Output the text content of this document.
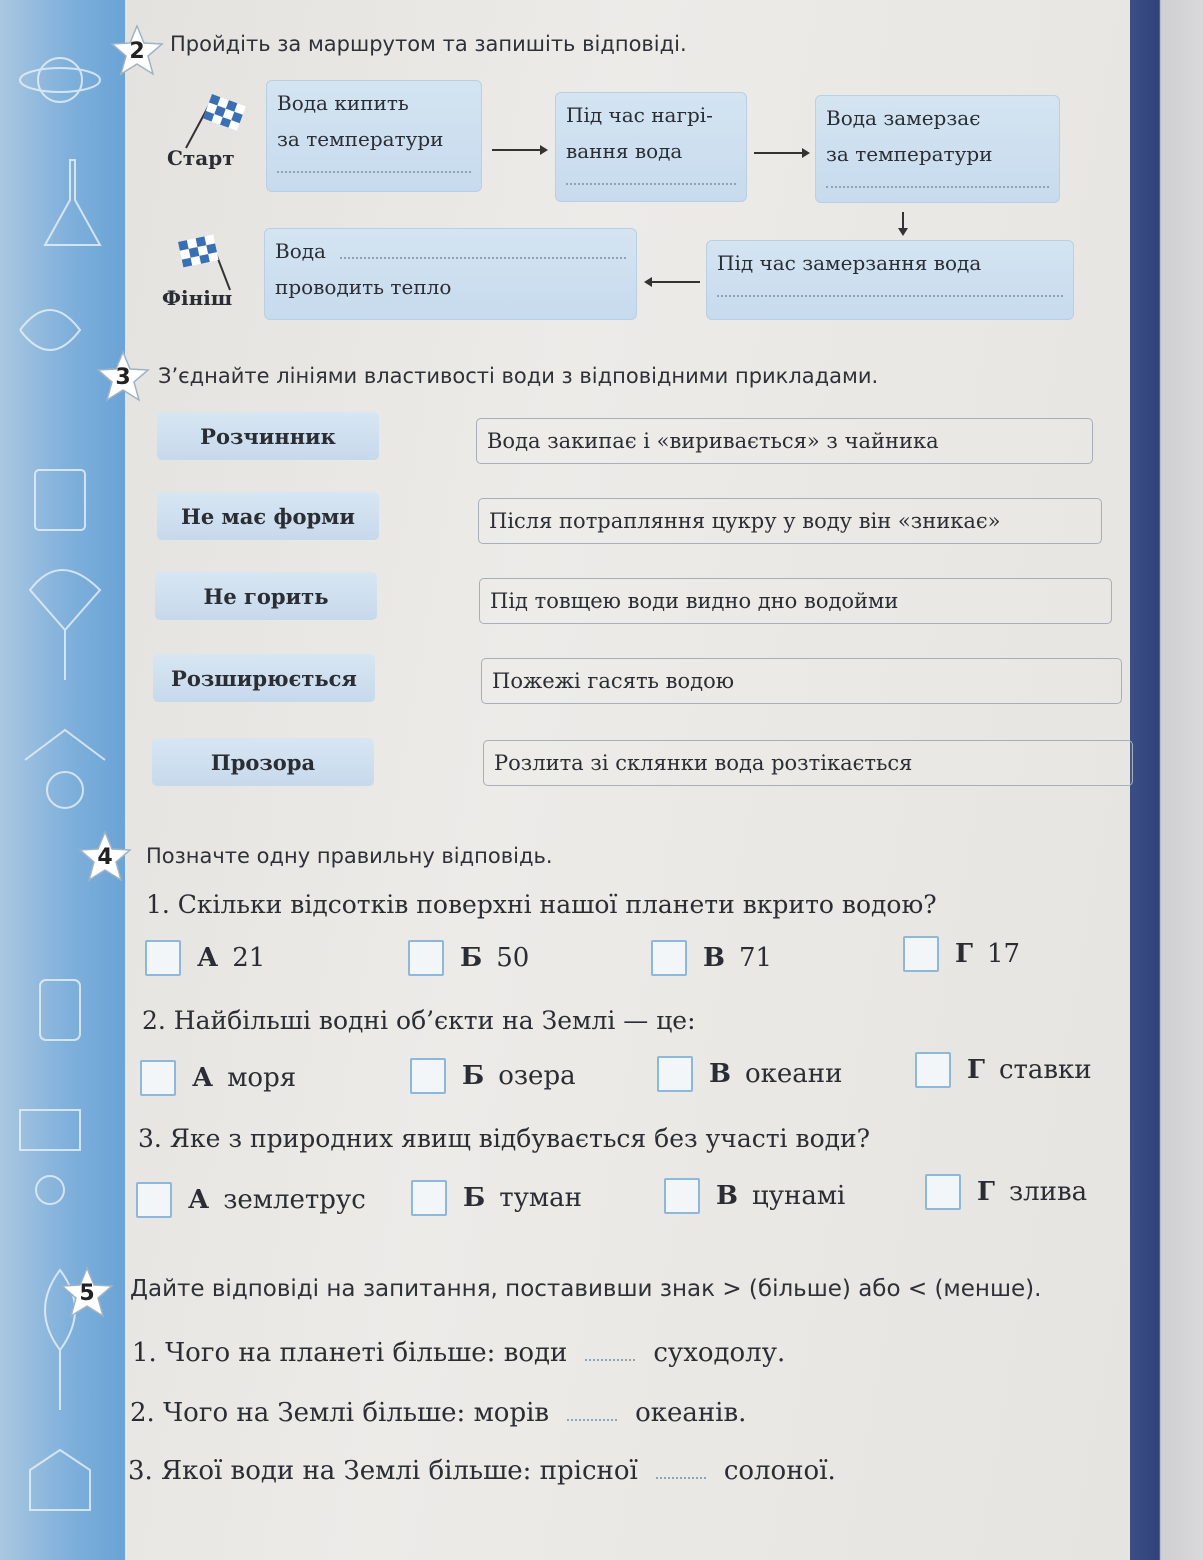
2	Пройдіть за маршрутом та запишіть відповіді.
Старт
Вода кипить
за температури
Під час нагрі-
вання вода
Вода замерзає
за температури
Під час замерзання вода
Вода
проводить тепло
Фініш
3	З’єднайте лініями властивості води з відповідними прикладами.
Розчинник
Не має форми
Не горить
Розширюється
Прозора
Вода закипає і «виривається» з чайника
Після потрапляння цукру у воду він «зникає»
Під товщею води видно дно водойми
Пожежі гасять водою
Розлита зі склянки вода розтікається
4	Позначте одну правильну відповідь.
1. Скільки відсотків поверхні нашої планети вкрито водою?
А 21	Б 50	В 71	Г 17
2. Найбільші водні об’єкти на Землі — це:
А моря	Б озера	В океани	Г ставки
3. Яке з природних явищ відбувається без участі води?
А землетрус	Б туман	В цунамі	Г злива
5	Дайте відповіді на запитання, поставивши знак > (більше) або < (менше).
1. Чого на планеті більше: води	суходолу.
2. Чого на Землі більше: морів	океанів.
3. Якої води на Землі більше: прісної	солоної.
